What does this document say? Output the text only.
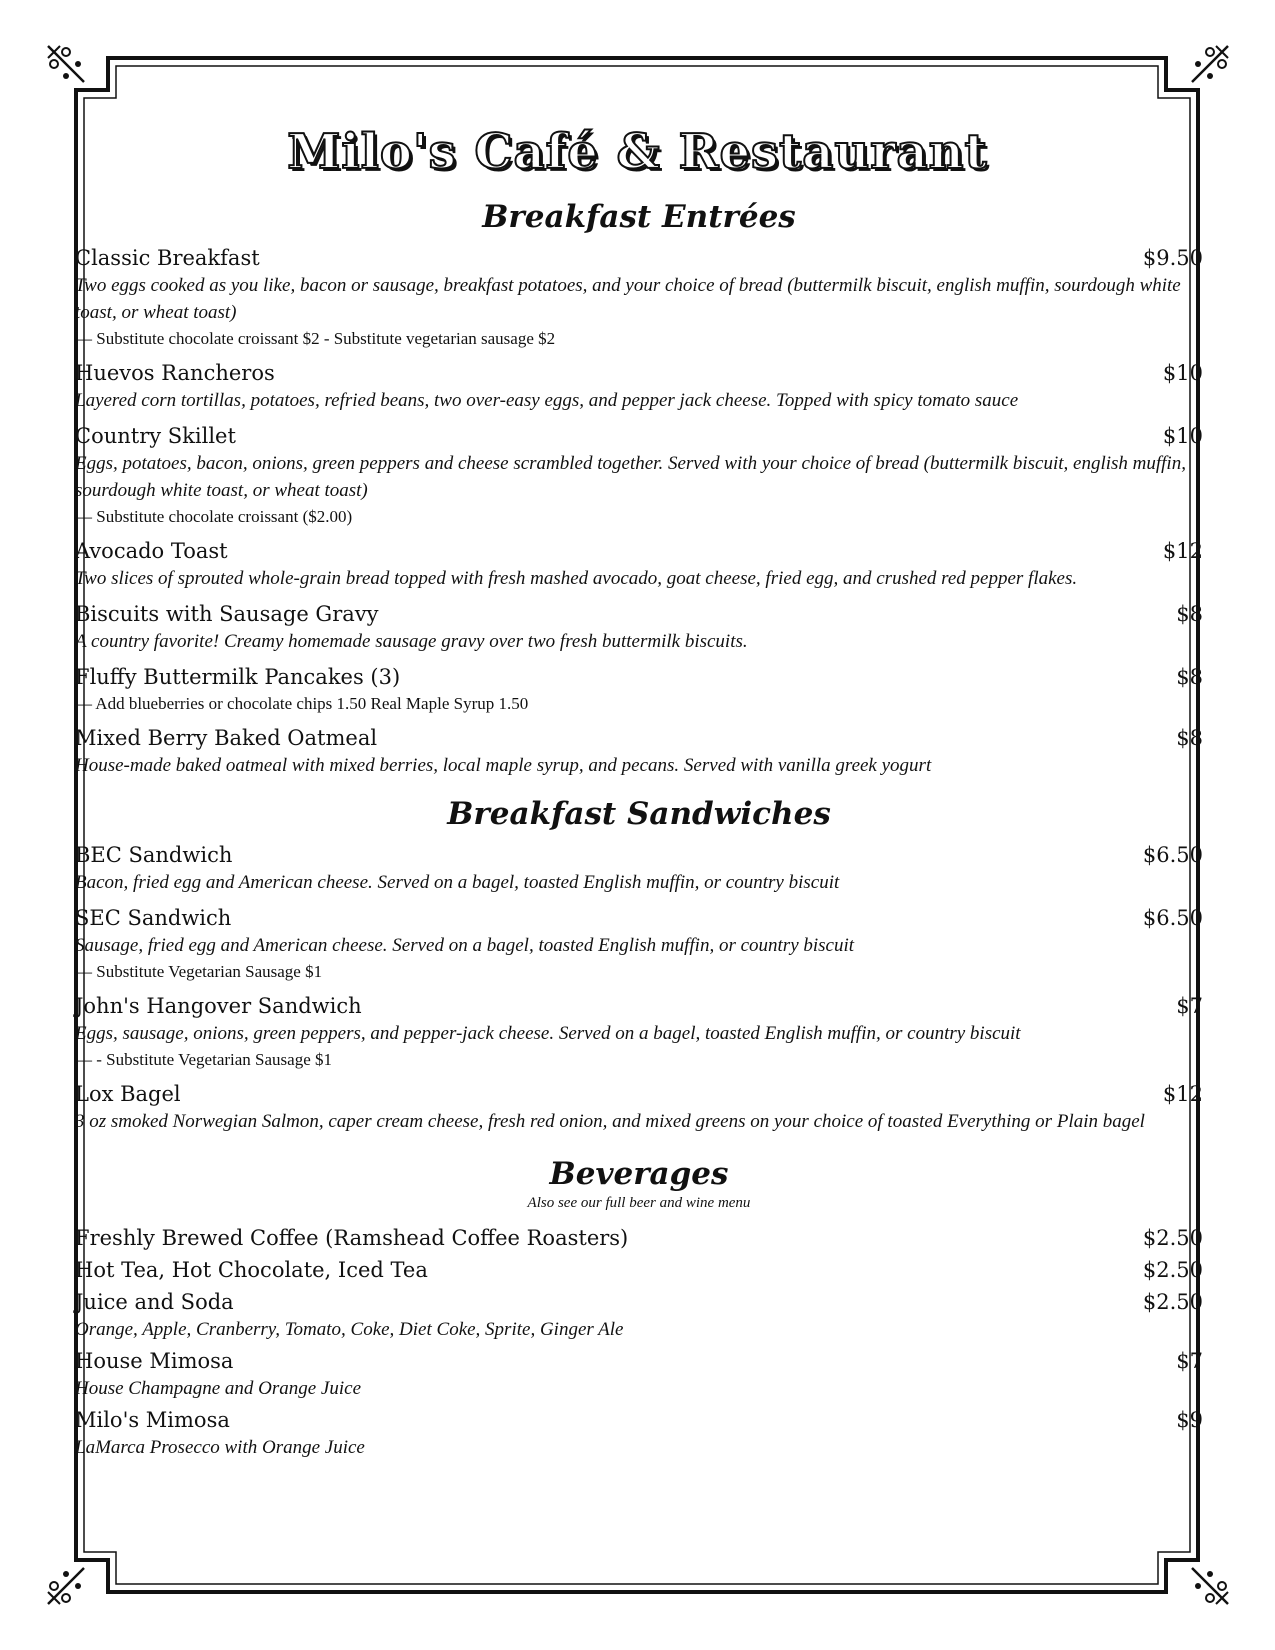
Milo's Café & Restaurant
Breakfast Entrées
Classic Breakfast	$9.50
Two eggs cooked as you like, bacon or sausage, breakfast potatoes, and your choice of bread (buttermilk biscuit, english muffin, sourdough white toast, or wheat toast)
— Substitute chocolate croissant $2 - Substitute vegetarian sausage $2
Huevos Rancheros	$10
Layered corn tortillas, potatoes, refried beans, two over-easy eggs, and pepper jack cheese. Topped with spicy tomato sauce
Country Skillet	$10
Eggs, potatoes, bacon, onions, green peppers and cheese scrambled together. Served with your choice of bread (buttermilk biscuit, english muffin, sourdough white toast, or wheat toast)
— Substitute chocolate croissant ($2.00)
Avocado Toast	$12
Two slices of sprouted whole-grain bread topped with fresh mashed avocado, goat cheese, fried egg, and crushed red pepper flakes.
Biscuits with Sausage Gravy	$8
A country favorite! Creamy homemade sausage gravy over two fresh buttermilk biscuits.
Fluffy Buttermilk Pancakes (3)	$8
— Add blueberries or chocolate chips 1.50 Real Maple Syrup 1.50
Mixed Berry Baked Oatmeal	$8
House-made baked oatmeal with mixed berries, local maple syrup, and pecans. Served with vanilla greek yogurt
Breakfast Sandwiches
BEC Sandwich	$6.50
Bacon, fried egg and American cheese. Served on a bagel, toasted English muffin, or country biscuit
SEC Sandwich	$6.50
Sausage, fried egg and American cheese. Served on a bagel, toasted English muffin, or country biscuit
— Substitute Vegetarian Sausage $1
John's Hangover Sandwich	$7
Eggs, sausage, onions, green peppers, and pepper-jack cheese. Served on a bagel, toasted English muffin, or country biscuit
— - Substitute Vegetarian Sausage $1
Lox Bagel	$12
3 oz smoked Norwegian Salmon, caper cream cheese, fresh red onion, and mixed greens on your choice of toasted Everything or Plain bagel
Beverages
Also see our full beer and wine menu
Freshly Brewed Coffee (Ramshead Coffee Roasters)	$2.50
Hot Tea, Hot Chocolate, Iced Tea	$2.50
Juice and Soda	$2.50
Orange, Apple, Cranberry, Tomato, Coke, Diet Coke, Sprite, Ginger Ale
House Mimosa	$7
House Champagne and Orange Juice
Milo's Mimosa	$9
LaMarca Prosecco with Orange Juice
